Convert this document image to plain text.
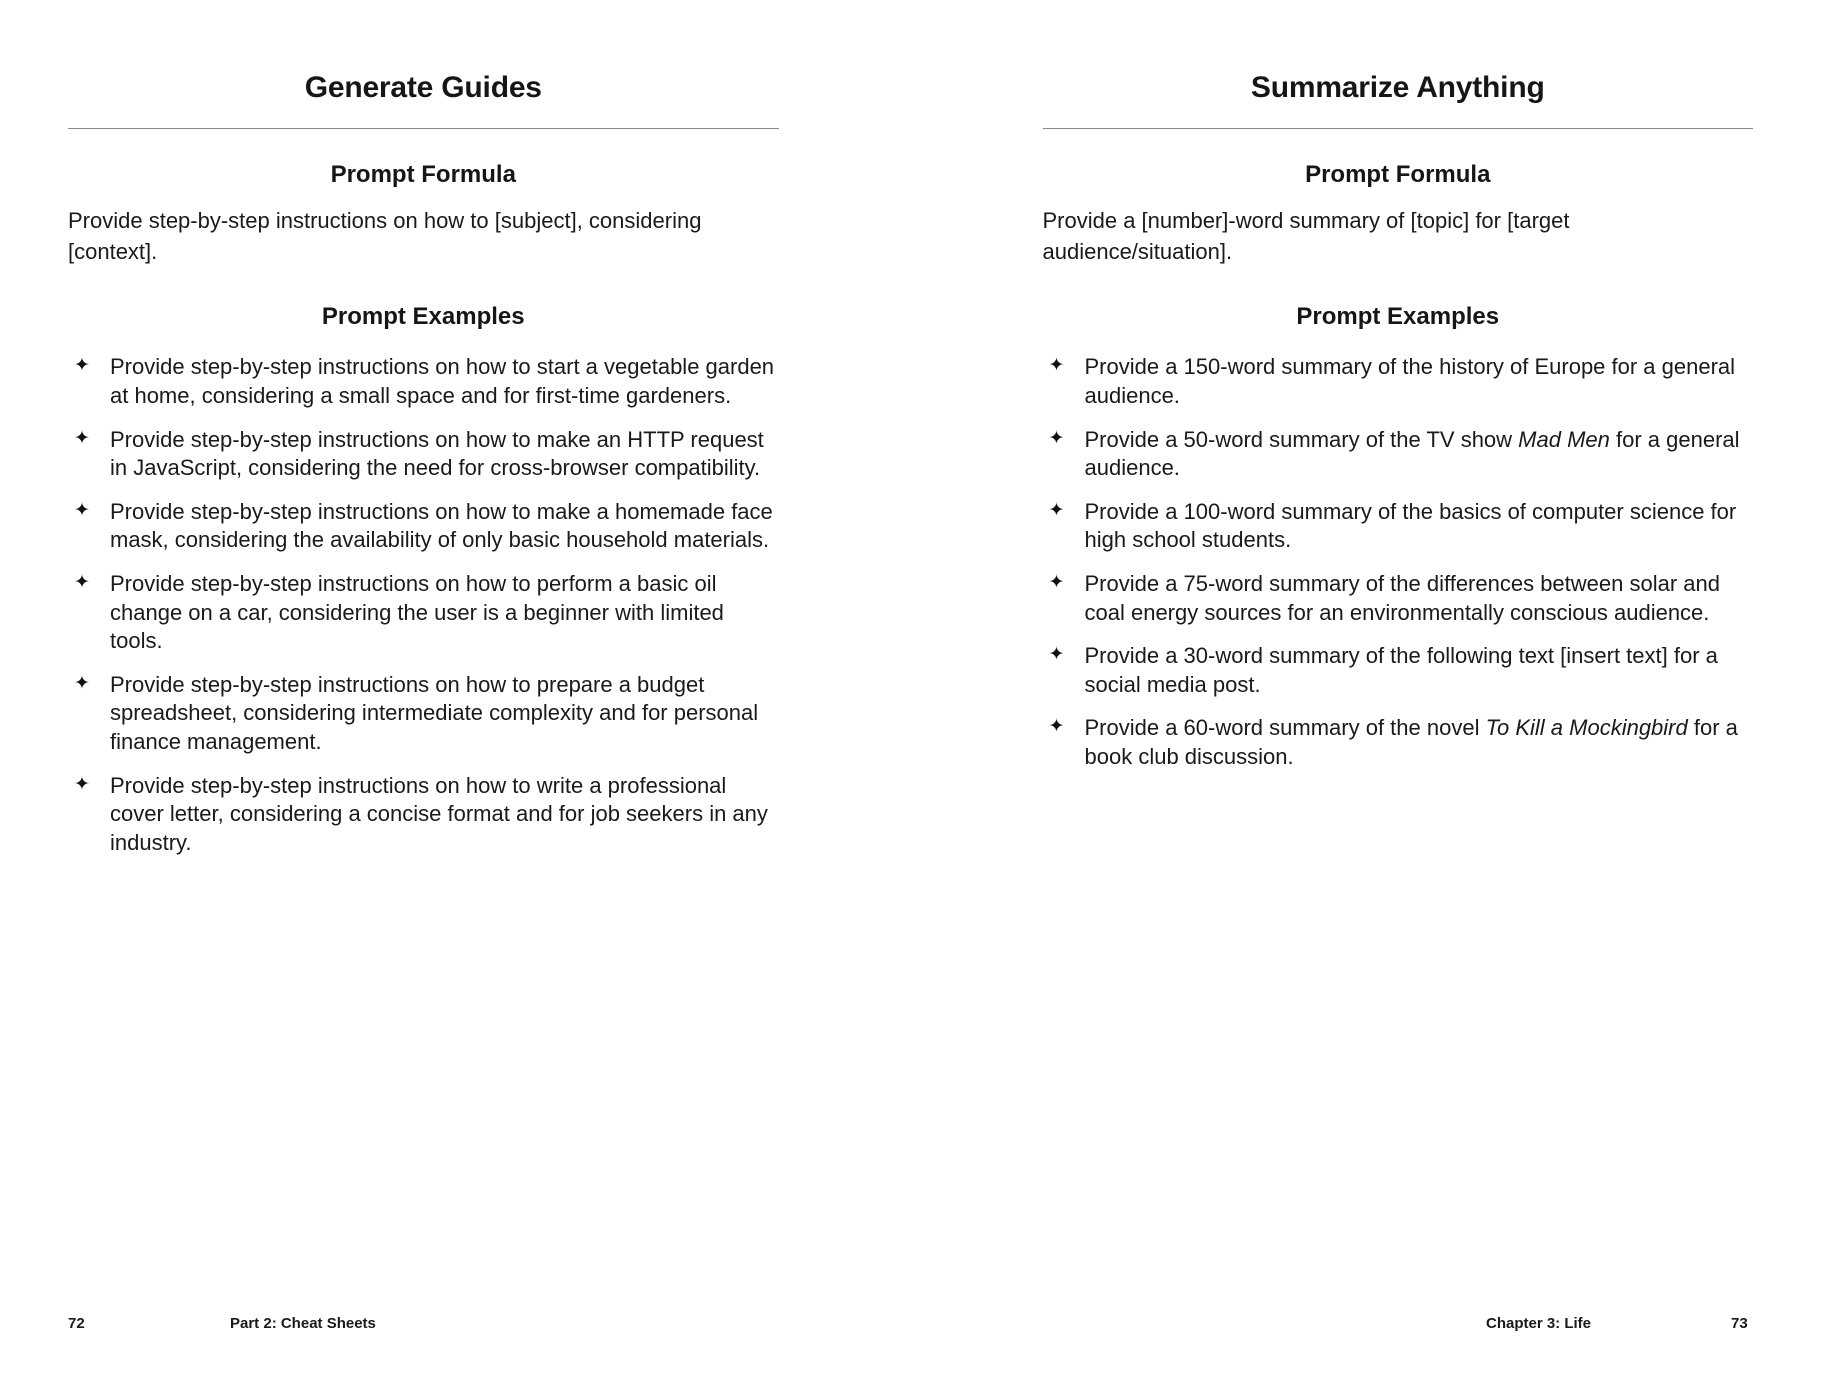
Generate Guides
Prompt Formula

Provide step-by-step instructions on how to [subject], considering [context].

Prompt Examples
✦ Provide step-by-step instructions on how to start a vegetable garden at home, considering a small space and for first-time gardeners.
✦ Provide step-by-step instructions on how to make an HTTP request in JavaScript, considering the need for cross-browser compatibility.
✦ Provide step-by-step instructions on how to make a homemade face mask, considering the availability of only basic household materials.
✦ Provide step-by-step instructions on how to perform a basic oil change on a car, considering the user is a beginner with limited tools.
✦ Provide step-by-step instructions on how to prepare a budget spreadsheet, considering intermediate complexity and for personal finance management.
✦ Provide step-by-step instructions on how to write a professional cover letter, considering a concise format and for job seekers in any industry.
72	Part 2: Cheat Sheets
Summarize Anything
Prompt Formula

Provide a [number]-word summary of [topic] for [target audience/situation].

Prompt Examples
✦ Provide a 150-word summary of the history of Europe for a general audience.
✦ Provide a 50-word summary of the TV show Mad Men for a general audience.
✦ Provide a 100-word summary of the basics of computer science for high school students.
✦ Provide a 75-word summary of the differences between solar and coal energy sources for an environmentally conscious audience.
✦ Provide a 30-word summary of the following text [insert text] for a social media post.
✦ Provide a 60-word summary of the novel To Kill a Mockingbird for a book club discussion.
Chapter 3: Life	73
